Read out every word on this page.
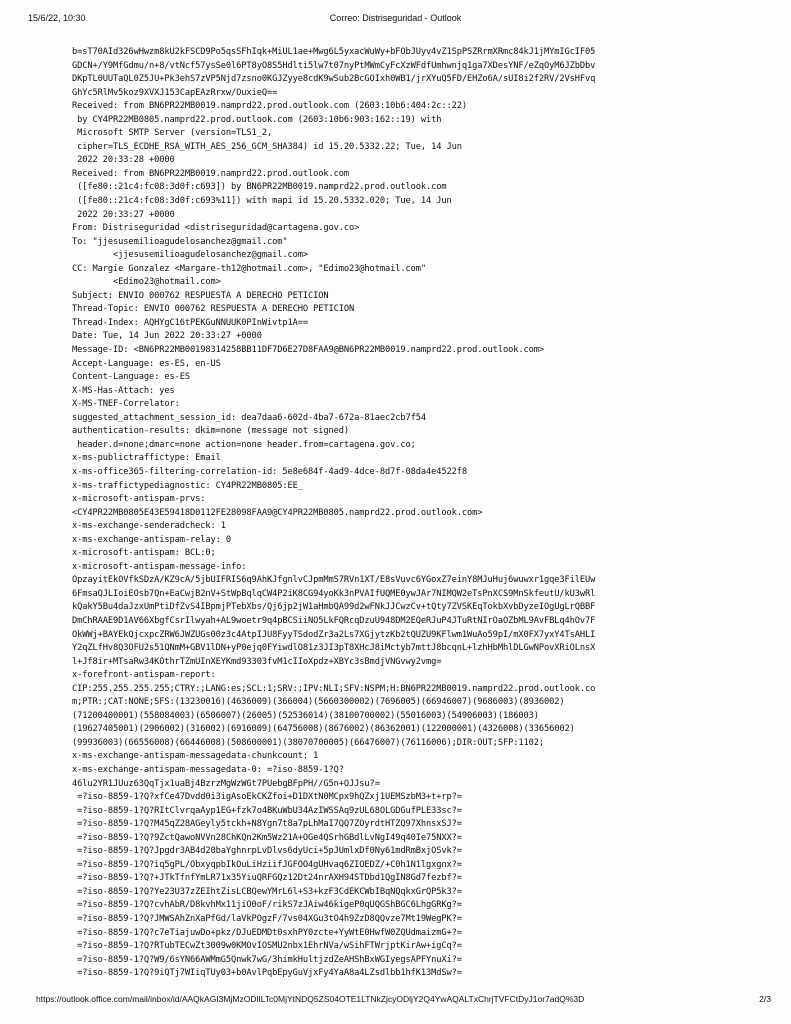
15/6/22, 10:30	Correo: Distriseguridad - Outlook
b=sT70AId326wHwzm8kU2kFSCD9Po5qsSFhIqk+MiUL1ae+Mwg6L5yxacWuWy+bFObJUyv4vZ1SpPSZRrmXRmc84kJ1jMYmIGcIF05
GDCN+/Y9MfGdmu/n+8/vtNcf57ysSe0l6PT8yO8S5Hdlti5lw7t07nyPtMWmCyFcXzWFdfUmhwnjq1ga7XDesYNF/eZqOyM6JZbDbv
DKpTL0UUTaQL0Z5JU+Pk3ehS7zVP5Njd7zsno0KGJZyye8cdK9wSub2BcGOIxh0WB1/jrXYuQ5FD/EHZo6A/sUI8i2f2RV/2VsHFvq
GhYc5RlMv5koz9XVXJ153CapEAzRrxw/OuxieQ==
Received: from BN6PR22MB0019.namprd22.prod.outlook.com (2603:10b6:404:2c::22)
by CY4PR22MB0805.namprd22.prod.outlook.com (2603:10b6:903:162::19) with
Microsoft SMTP Server (version=TLS1_2,
cipher=TLS_ECDHE_RSA_WITH_AES_256_GCM_SHA384) id 15.20.5332.22; Tue, 14 Jun
2022 20:33:28 +0000
Received: from BN6PR22MB0019.namprd22.prod.outlook.com
([fe80::21c4:fc08:3d0f:c693]) by BN6PR22MB0019.namprd22.prod.outlook.com
([fe80::21c4:fc08:3d0f:c693%11]) with mapi id 15.20.5332.020; Tue, 14 Jun
2022 20:33:27 +0000
From: Distriseguridad <distriseguridad@cartagena.gov.co>
To: "jjesusemilioagudelosanchez@gmail.com"
<jjesusemilioagudelosanchez@gmail.com>
CC: Margie Gonzalez <Margare-th12@hotmail.com>, "Edimo23@hotmail.com"
<Edimo23@hotmail.com>
Subject: ENVIO 000762 RESPUESTA A DERECHO PETICION
Thread-Topic: ENVIO 000762 RESPUESTA A DERECHO PETICION
Thread-Index: AQHYgC16tPEKGuNNUUK0PInWivtp1A==
Date: Tue, 14 Jun 2022 20:33:27 +0000
Message-ID: <BN6PR22MB00198314258BB11DF7D6E27D8FAA9@BN6PR22MB0019.namprd22.prod.outlook.com>
Accept-Language: es-ES, en-US
Content-Language: es-ES
X-MS-Has-Attach: yes
X-MS-TNEF-Correlator:
suggested_attachment_session_id: dea7daa6-602d-4ba7-672a-81aec2cb7f54
authentication-results: dkim=none (message not signed)
header.d=none;dmarc=none action=none header.from=cartagena.gov.co;
x-ms-publictraffictype: Email
x-ms-office365-filtering-correlation-id: 5e8e684f-4ad9-4dce-8d7f-08da4e4522f8
x-ms-traffictypediagnostic: CY4PR22MB0805:EE_
x-microsoft-antispam-prvs:
<CY4PR22MB0805E43E59418D0112FE28098FAA9@CY4PR22MB0805.namprd22.prod.outlook.com>
x-ms-exchange-senderadcheck: 1
x-ms-exchange-antispam-relay: 0
x-microsoft-antispam: BCL:0;
x-microsoft-antispam-message-info:
OpzayitEkOVfkSDzA/KZ9cA/5jbUIFRIS6q9AhKJfgnlvCJpmMmS7RVn1XT/E8sVuvc6YGoxZ7einY8MJuHuj6wuwxr1gqe3FilEUw
6FmsaQJLIoiEOsb7Qn+EaCwjB2nV+StWpBqlqCW4P2iK8CG94yoKk3nPVAIfUQME0ywJAr7NIMQW2eTsPnXCS9MnSkfeutU/kU3wRl
kQakY5Bu4daJzxUmPtiDfZvS4IBpmjPTebXbs/Qj6jp2jW1aHmbQA99d2wFNkJJCwzCv+tQty7ZVSKEqTokbXvbDyzeIOgUgLrQBBF
DmChRAAE9D1AV66XbgfCsrIlwyah+AL9woetr9q4pBCSiiNO5LkFQRcqDzuU948DM2EQeRJuP4JTuRtNIrOaOZbML9AvFBLq4hOv7F
OkWWj+BAYEkQjcxpcZRW6JWZUGs00z3c4AtpIJU8FyyTSdodZr3a2Ls7XGjytzKb2tQUZU9KFlwm1WuAo59pI/mX0FX7yxY4TsAHLI
Y2qZLfHv8Q3OFU2s51QNmM+GBV1lDN+yP0ejq0FYiwdlO81z3JI3pT8XHcJ8iMctyb7mttJ8bcqnL+lzhHbMhlDLGwNPovXRiOLnsX
l+Jf8ir+MTsaRw34KOthrTZmUInXEYKmd93303fvM1cIIoXpdz+XBYc3sBmdjVNGvwy2vmg=
x-forefront-antispam-report:
CIP:255.255.255.255;CTRY:;LANG:es;SCL:1;SRV:;IPV:NLI;SFV:NSPM;H:BN6PR22MB0019.namprd22.prod.outlook.co
m;PTR:;CAT:NONE;SFS:(13230016)(4636009)(366004)(5660300002)(7696005)(66946007)(9686003)(8936002)
(71200400001)(558084003)(6506007)(26005)(52536014)(38100700002)(55016003)(54906003)(186003)
(19627405001)(2906002)(316002)(6916009)(64756008)(8676002)(86362001)(122000001)(4326008)(33656002)
(99936003)(66556008)(66446008)(508600001)(38070700005)(66476007)(76116006);DIR:OUT;SFP:1102;
x-ms-exchange-antispam-messagedata-chunkcount: 1
x-ms-exchange-antispam-messagedata-0: =?iso-8859-1?Q?
46lu2YR1JUuz63QqTjx1uaBj4BzrzMgWzWGt7PUebgBFpPH//G5n+OJJsu?=
=?iso-8859-1?Q?xfCe47Dvdd0i3igAsoEkCKZfoi+D1DXtN0MCpx9hQZxj1UEMSzbM3+t+rp?=
=?iso-8859-1?Q?RItClvrqaAyp1EG+fzk7o4BKuWbU34AzIWSSAq9zUL68OLGDGufPLE33sc?=
=?iso-8859-1?Q?M45qZ28AGeyly5tckh+N8Ygn7t8a7pLhMaI7QQ7ZOyrdtHTZQ97XhnsxSJ?=
=?iso-8859-1?Q?9ZctQawoNVVn28ChKQn2Km5Wz21A+OGe4QSrhGBdlLvNgI49q40Ie75NXX?=
=?iso-8859-1?Q?Jpgdr3AB4d20baYghnrpLvDlvs6dyUci+5pJUmlxDf0Ny61mdRmBxjOSvk?=
=?iso-8859-1?Q?iq5gPL/ObxyqpbIkOuLiHziifJGFOO4gUHvaq6ZIOEDZ/+C0h1N1lgxgnx?=
=?iso-8859-1?Q?+JTkTfnfYmLR71x35YiuQRFGQz12Dt24nrAXH94STDbd1QgIN8Gd7fezbf?=
=?iso-8859-1?Q?Ye23U37zZEIhtZisLCBQewYMrL6l+S3+kzF3CdEKCWbIBqNQqkxGrQP5k3?=
=?iso-8859-1?Q?cvhAbR/D8kvhMx11jiO0oF/rikS7zJAiw46kigeP0qUQGShBGC6LhgGRKg?=
=?iso-8859-1?Q?JMWSAhZnXaPfGd/laVkPOgzF/7vs04XGu3tO4h9ZzD8QQvze7Mt19WegPK?=
=?iso-8859-1?Q?c7eTiajuwDo+pkz/DJuEDMDt0sxhPY0zcte+YyWtE0HwfW0ZQUdmaizmG+?=
=?iso-8859-1?Q?RTubTECwZt3009w0KMOvIOSMU2nbx1EhrNVa/wSihFTWrjptKirAw+igCq?=
=?iso-8859-1?Q?W9/6sYN66AWMmG5Qnwk7wG/3himkHultjzdZeAHShBxWGIyegsAPFYnuXi?=
=?iso-8859-1?Q?9iQTj7WIiqTUy03+b0AvlPqbEpyGuVjxFy4YaA8a4LZsdlbb1hfK13MdSw?=
https://outlook.office.com/mail/inbox/id/AAQkAGI3MjMzODlILTc0MjYtNDQ5ZS04OTE1LTNkZjcyODljY2Q4YwAQALTxChrjTVFCtDyJ1or7adQ%3D	2/3
